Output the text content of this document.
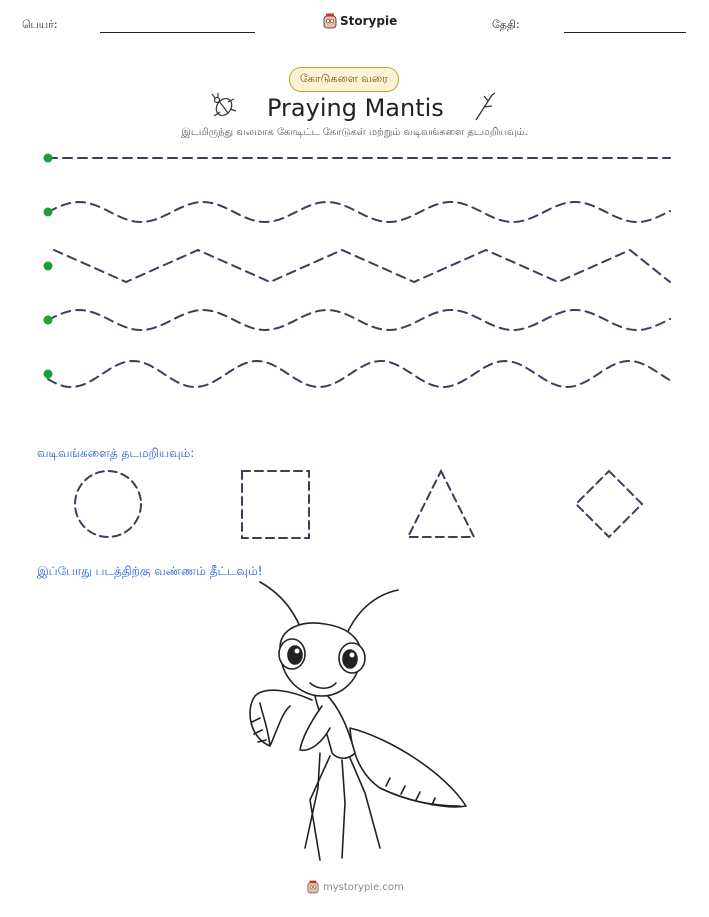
பெயர்:	Storypie	தேதி:
கோடுகளை வரை
Praying Mantis
இடமிருந்து வலமாக கோடிட்ட கோடுகள் மற்றும் வடிவங்களை தடமறியவும்.
வடிவங்களைத் தடமறியவும்:
இப்போது படத்திற்கு வண்ணம் தீட்டவும்!
mystorypie.com
